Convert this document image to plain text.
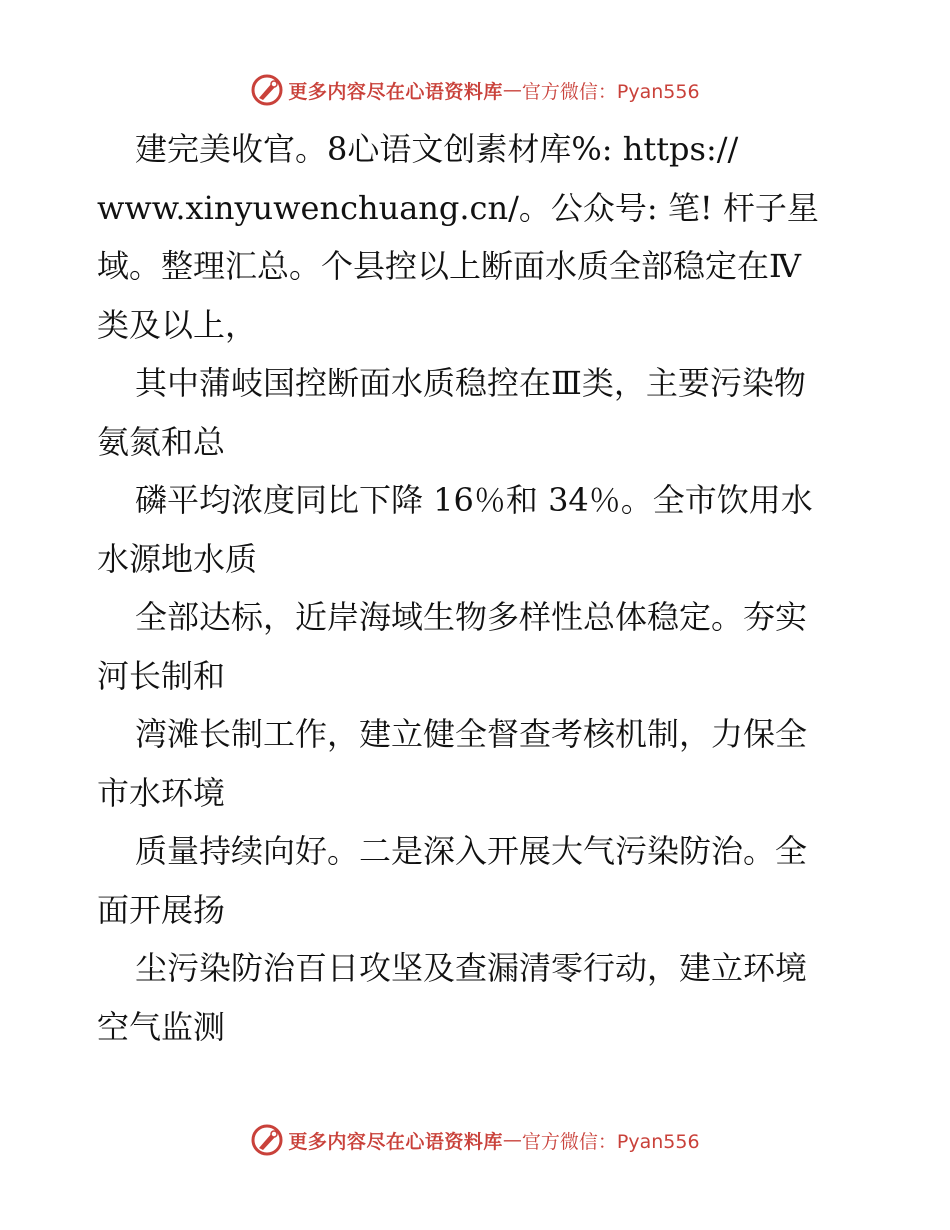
更多内容尽在心语资料库 — 官方微信：Pyan556
建完美收官。8心语文创素材库%: https://
www.xinyuwenchuang.cn/。公众号: 笔! 杆子星
域。整理汇总。个县控以上断面水质全部稳定在Ⅳ
类及以上，
其中蒲岐国控断面水质稳控在Ⅲ类，主要污染物
氨氮和总
磷平均浓度同比下降 16％和 34％。全市饮用水
水源地水质
全部达标，近岸海域生物多样性总体稳定。夯实
河长制和
湾滩长制工作，建立健全督查考核机制，力保全
市水环境
质量持续向好。二是深入开展大气污染防治。全
面开展扬
尘污染防治百日攻坚及查漏清零行动，建立环境
空气监测
更多内容尽在心语资料库 — 官方微信：Pyan556
